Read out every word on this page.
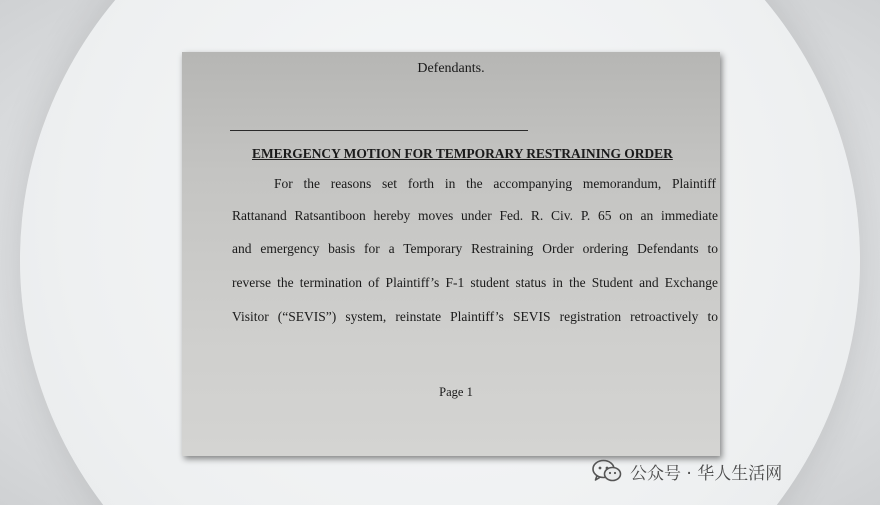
Defendants.
EMERGENCY MOTION FOR TEMPORARY RESTRAINING ORDER
For the reasons set forth in the accompanying memorandum, Plaintiff
Rattanand Ratsantiboon hereby moves under Fed. R. Civ. P. 65 on an immediate
and emergency basis for a Temporary Restraining Order ordering Defendants to
reverse the termination of Plaintiff’s F-1 student status in the Student and Exchange
Visitor (“SEVIS”) system, reinstate Plaintiff’s SEVIS registration retroactively to
Page 1
公众号 · 华人生活网
